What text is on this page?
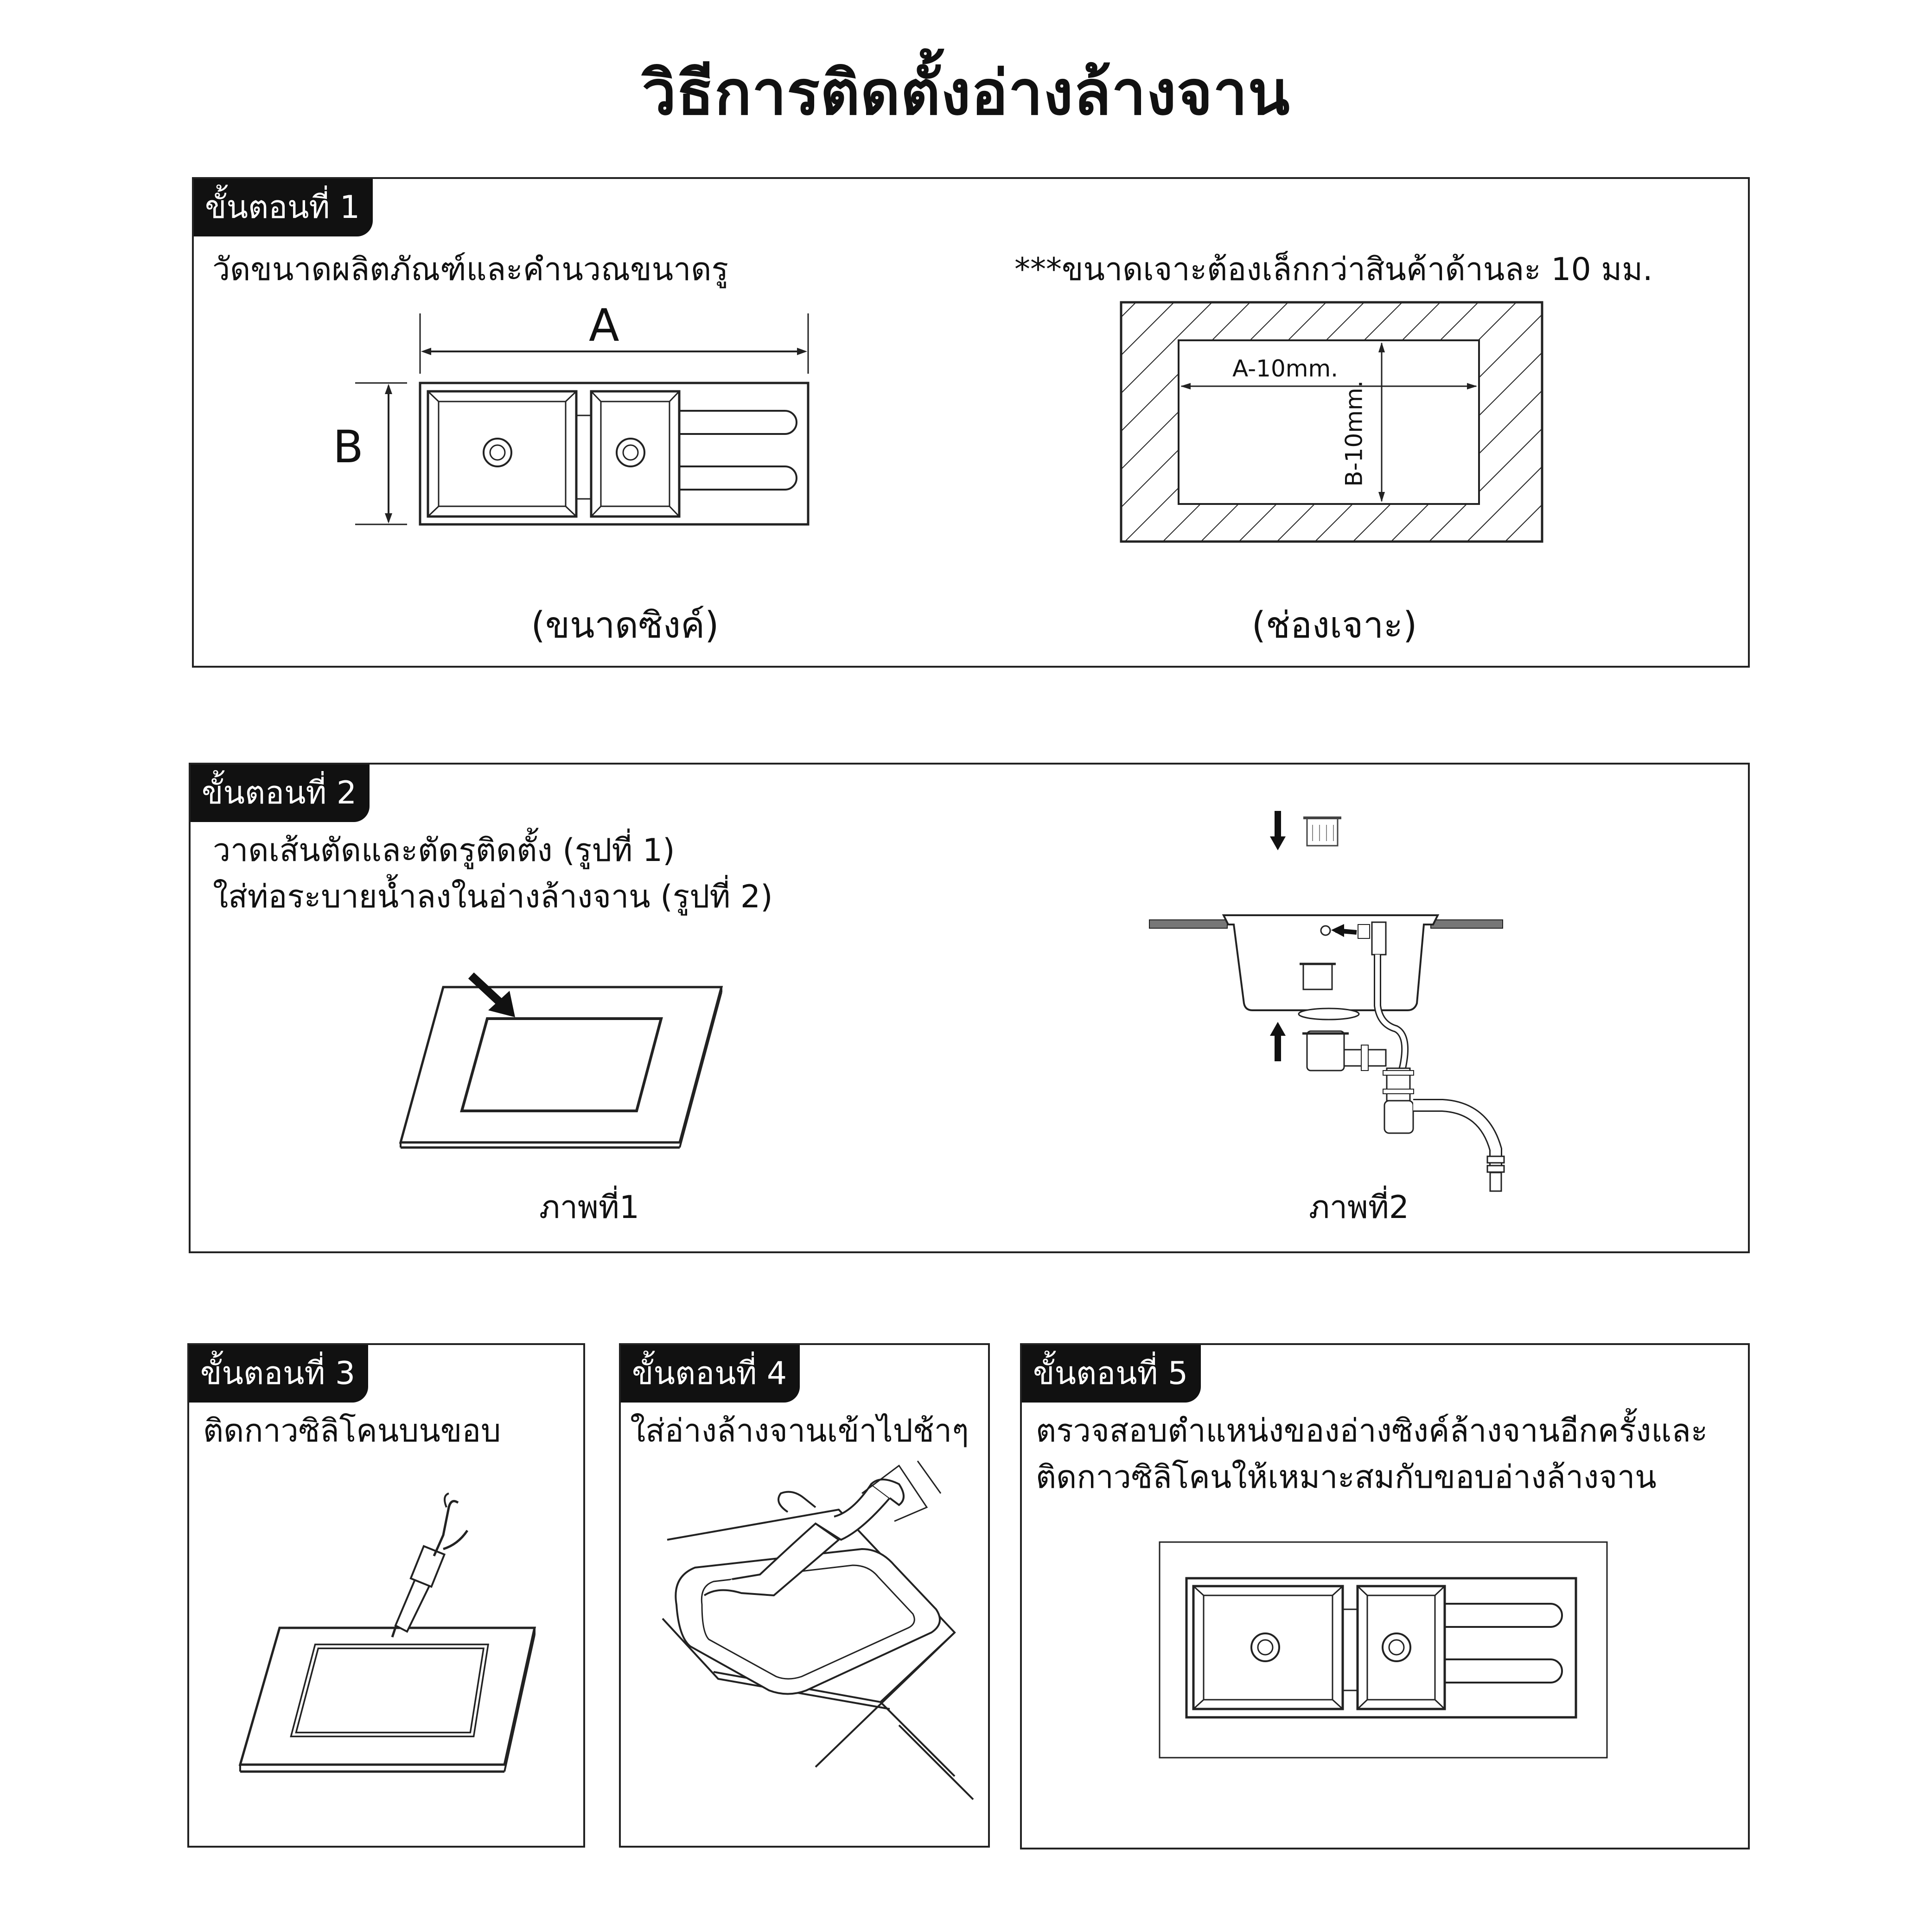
วิธีการติดตั้งอ่างล้างจาน
ขั้นตอนที่ 1
วัดขนาดผลิตภัณฑ์และคำนวณขนาดรู	***ขนาดเจาะต้องเล็กกว่าสินค้าด้านละ 10 มม.
A
B
A-10mm.
B-10mm.
(ขนาดซิงค์)	(ช่องเจาะ)
ขั้นตอนที่ 2
วาดเส้นตัดและตัดรูติดตั้ง (รูปที่ 1)
ใส่ท่อระบายน้ำลงในอ่างล้างจาน (รูปที่ 2)
ภาพที่1	ภาพที่2
ขั้นตอนที่ 3
ติดกาวซิลิโคนบนขอบ
ขั้นตอนที่ 4
ใส่อ่างล้างจานเข้าไปช้าๆ
ขั้นตอนที่ 5
ตรวจสอบตำแหน่งของอ่างซิงค์ล้างจานอีกครั้งและ
ติดกาวซิลิโคนให้เหมาะสมกับขอบอ่างล้างจาน
